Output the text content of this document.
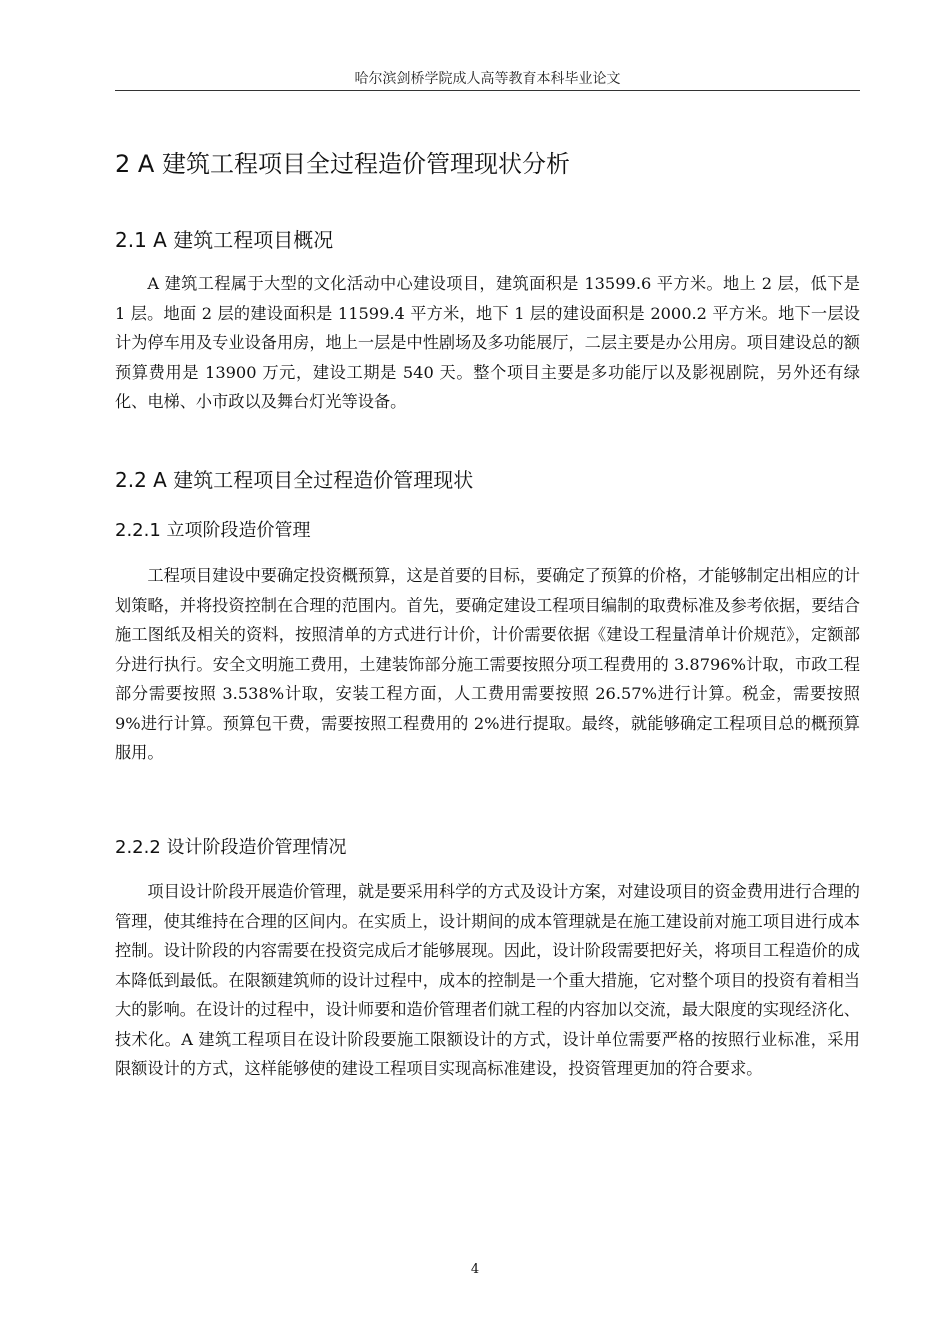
哈尔滨剑桥学院成人高等教育本科毕业论文
2 A 建筑工程项目全过程造价管理现状分析
2.1 A 建筑工程项目概况

A 建筑工程属于大型的文化活动中心建设项目，建筑面积是 13599.6 平方米。地上 2 层，低下是 1 层。地面 2 层的建设面积是 11599.4 平方米，地下 1 层的建设面积是 2000.2 平方米。地下一层设计为停车用及专业设备用房，地上一层是中性剧场及多功能展厅，二层主要是办公用房。项目建设总的额预算费用是 13900 万元，建设工期是 540 天。整个项目主要是多功能厅以及影视剧院，另外还有绿化、电梯、小市政以及舞台灯光等设备。

2.2 A 建筑工程项目全过程造价管理现状
2.2.1 立项阶段造价管理

工程项目建设中要确定投资概预算，这是首要的目标，要确定了预算的价格，才能够制定出相应的计划策略，并将投资控制在合理的范围内。首先，要确定建设工程项目编制的取费标准及参考依据，要结合施工图纸及相关的资料，按照清单的方式进行计价，计价需要依据《建设工程量清单计价规范》，定额部分进行执行。安全文明施工费用，土建装饰部分施工需要按照分项工程费用的 3.8796%计取，市政工程部分需要按照 3.538%计取，安装工程方面，人工费用需要按照 26.57%进行计算。税金，需要按照 9%进行计算。预算包干费，需要按照工程费用的 2%进行提取。最终，就能够确定工程项目总的概预算服用。

2.2.2 设计阶段造价管理情况

项目设计阶段开展造价管理，就是要采用科学的方式及设计方案，对建设项目的资金费用进行合理的管理，使其维持在合理的区间内。在实质上，设计期间的成本管理就是在施工建设前对施工项目进行成本控制。设计阶段的内容需要在投资完成后才能够展现。因此，设计阶段需要把好关，将项目工程造价的成本降低到最低。在限额建筑师的设计过程中，成本的控制是一个重大措施，它对整个项目的投资有着相当大的影响。在设计的过程中，设计师要和造价管理者们就工程的内容加以交流，最大限度的实现经济化、技术化。A 建筑工程项目在设计阶段要施工限额设计的方式，设计单位需要严格的按照行业标准，采用限额设计的方式，这样能够使的建设工程项目实现高标准建设，投资管理更加的符合要求。

4
